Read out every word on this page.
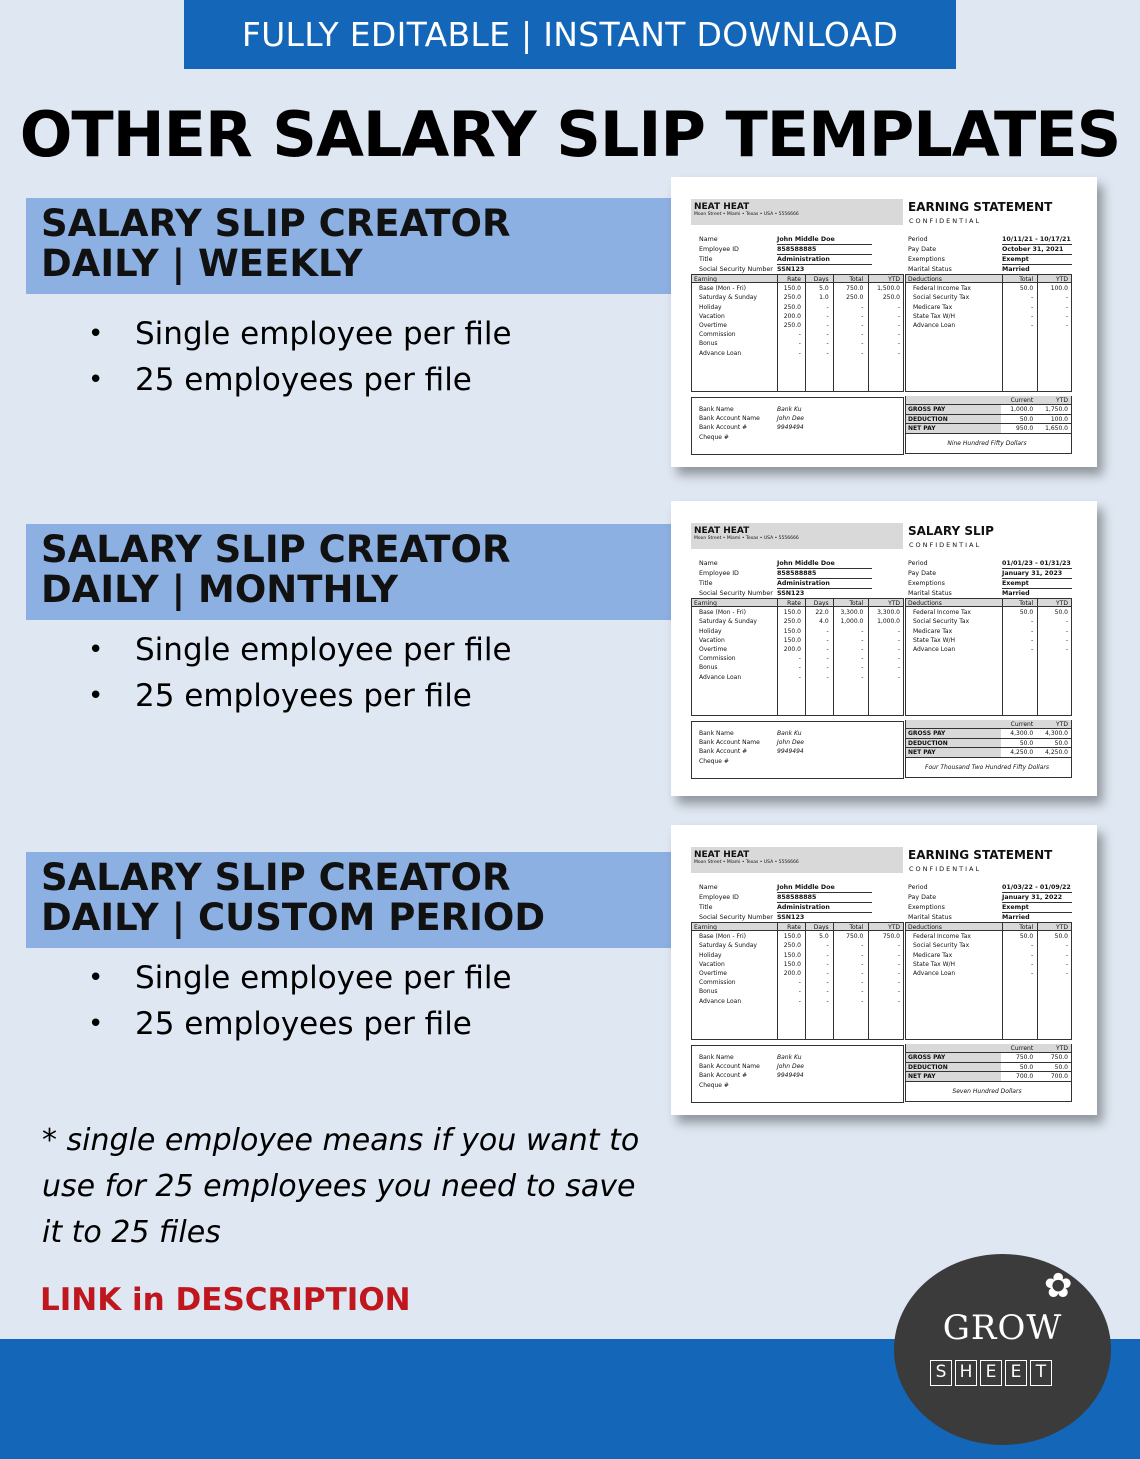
FULLY EDITABLE | INSTANT DOWNLOAD
OTHER SALARY SLIP TEMPLATES
SALARY SLIP CREATOR
DAILY | WEEKLY
•	Single employee per file
•	25 employees per file
SALARY SLIP CREATOR
DAILY | MONTHLY
•	Single employee per file
•	25 employees per file
SALARY SLIP CREATOR
DAILY | CUSTOM PERIOD
•	Single employee per file
•	25 employees per file
* single employee means if you want to use for 25 employees you need to save it to 25 files
LINK in DESCRIPTION	✿
GROW
S H E E T
NEAT HEAT
Moon Street • Miami • Texas • USA • 5556666
EARNING STATEMENT
CONFIDENTIAL
Name	John Middle Doe
Employee ID	858588885
Title	Administration
Social Security Number SSN123
Period	10/11/21 - 10/17/21
Pay Date	October 31, 2021
Exemptions	Exempt
Marital Status	Married
Earning	Rate	Days	Total	YTD
Base (Mon - Fri)	150.0	5.0	750.0	1,500.0
Saturday & Sunday	250.0	1.0	250.0	250.0
Holiday	250.0	-	-	-
Vacation	200.0	-	-	-
Overtime	250.0	-	-	-
Commission	-	-	-	-
Bonus	-	-	-	-
Advance Loan	-	-	-	-
Deductions	Total	YTD
Federal Income Tax	50.0	100.0
Social Security Tax	-	-
Medicare Tax	-	-
State Tax W/H	-	-
Advance Loan	-	-
Bank Name	Bank Ku
Bank Account Name	John Dee
Bank Account #	9949494
Cheque #
Current	YTD
GROSS PAY	1,000.0	1,750.0
DEDUCTION	50.0	100.0
NET PAY	950.0	1,650.0
Nine Hundred Fifty Dollars
NEAT HEAT
Moon Street • Miami • Texas • USA • 5556666
SALARY SLIP
CONFIDENTIAL
Name	John Middle Doe
Employee ID	858588885
Title	Administration
Social Security Number SSN123
Period	01/01/23 - 01/31/23
Pay Date	January 31, 2023
Exemptions	Exempt
Marital Status	Married
Earning	Rate	Days	Total	YTD
Base (Mon - Fri)	150.0	22.0	3,300.0	3,300.0
Saturday & Sunday	250.0	4.0	1,000.0	1,000.0
Holiday	150.0	-	-	-
Vacation	150.0	-	-	-
Overtime	200.0	-	-	-
Commission	-	-	-	-
Bonus	-	-	-	-
Advance Loan	-	-	-	-
Deductions	Total	YTD
Federal Income Tax	50.0	50.0
Social Security Tax	-	-
Medicare Tax	-	-
State Tax W/H	-	-
Advance Loan	-	-
Bank Name	Bank Ku
Bank Account Name	John Dee
Bank Account #	9949494
Cheque #
Current	YTD
GROSS PAY	4,300.0	4,300.0
DEDUCTION	50.0	50.0
NET PAY	4,250.0	4,250.0
Four Thousand Two Hundred Fifty Dollars
NEAT HEAT
Moon Street • Miami • Texas • USA • 5556666
EARNING STATEMENT
CONFIDENTIAL
Name	John Middle Doe
Employee ID	858588885
Title	Administration
Social Security Number SSN123
Period	01/03/22 - 01/09/22
Pay Date	January 31, 2022
Exemptions	Exempt
Marital Status	Married
Earning	Rate	Days	Total	YTD
Base (Mon - Fri)	150.0	5.0	750.0	750.0
Saturday & Sunday	250.0	-	-	-
Holiday	150.0	-	-	-
Vacation	150.0	-	-	-
Overtime	200.0	-	-	-
Commission	-	-	-	-
Bonus	-	-	-	-
Advance Loan	-	-	-	-
Deductions	Total	YTD
Federal Income Tax	50.0	50.0
Social Security Tax	-	-
Medicare Tax	-	-
State Tax W/H	-	-
Advance Loan	-	-
Bank Name	Bank Ku
Bank Account Name	John Dee
Bank Account #	9949494
Cheque #
Current	YTD
GROSS PAY	750.0	750.0
DEDUCTION	50.0	50.0
NET PAY	700.0	700.0
Seven Hundred Dollars
